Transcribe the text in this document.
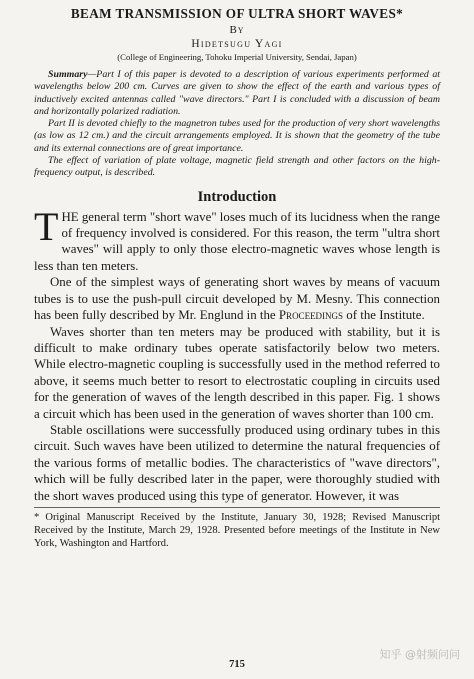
BEAM TRANSMISSION OF ULTRA SHORT WAVES*
By
Hidetsugu Yagi
(College of Engineering, Tohoku Imperial University, Sendai, Japan)

Summary—Part I of this paper is devoted to a description of various experiments performed at wavelengths below 200 cm. Curves are given to show the effect of the earth and various types of inductively excited antennas called "wave directors." Part I is concluded with a discussion of beam and horizontally polarized radiation.

Part II is devoted chiefly to the magnetron tubes used for the production of very short wavelengths (as low as 12 cm.) and the circuit arrangements employed. It is shown that the geometry of the tube and its external connections are of great importance.

The effect of variation of plate voltage, magnetic field strength and other factors on the high-frequency output, is described.

Introduction

THE general term "short wave" loses much of its lucidness when the range of frequency involved is considered. For this reason, the term "ultra short waves" will apply to only those electro-magnetic waves whose length is less than ten meters.

One of the simplest ways of generating short waves by means of vacuum tubes is to use the push-pull circuit developed by M. Mesny. This connection has been fully described by Mr. Englund in the Proceedings of the Institute.

Waves shorter than ten meters may be produced with stability, but it is difficult to make ordinary tubes operate satisfactorily below two meters. While electro-magnetic coupling is successfully used in the method referred to above, it seems much better to resort to electrostatic coupling in circuits used for the generation of waves of the length described in this paper. Fig. 1 shows a circuit which has been used in the generation of waves shorter than 100 cm.

Stable oscillations were successfully produced using ordinary tubes in this circuit. Such waves have been utilized to determine the natural frequencies of the various forms of metallic bodies. The characteristics of "wave directors", which will be fully described later in the paper, were thoroughly studied with the short waves produced using this type of generator. However, it was

* Original Manuscript Received by the Institute, January 30, 1928; Revised Manuscript Received by the Institute, March 29, 1928. Presented before meetings of the Institute in New York, Washington and Hartford.
715
知乎 @射频问问
